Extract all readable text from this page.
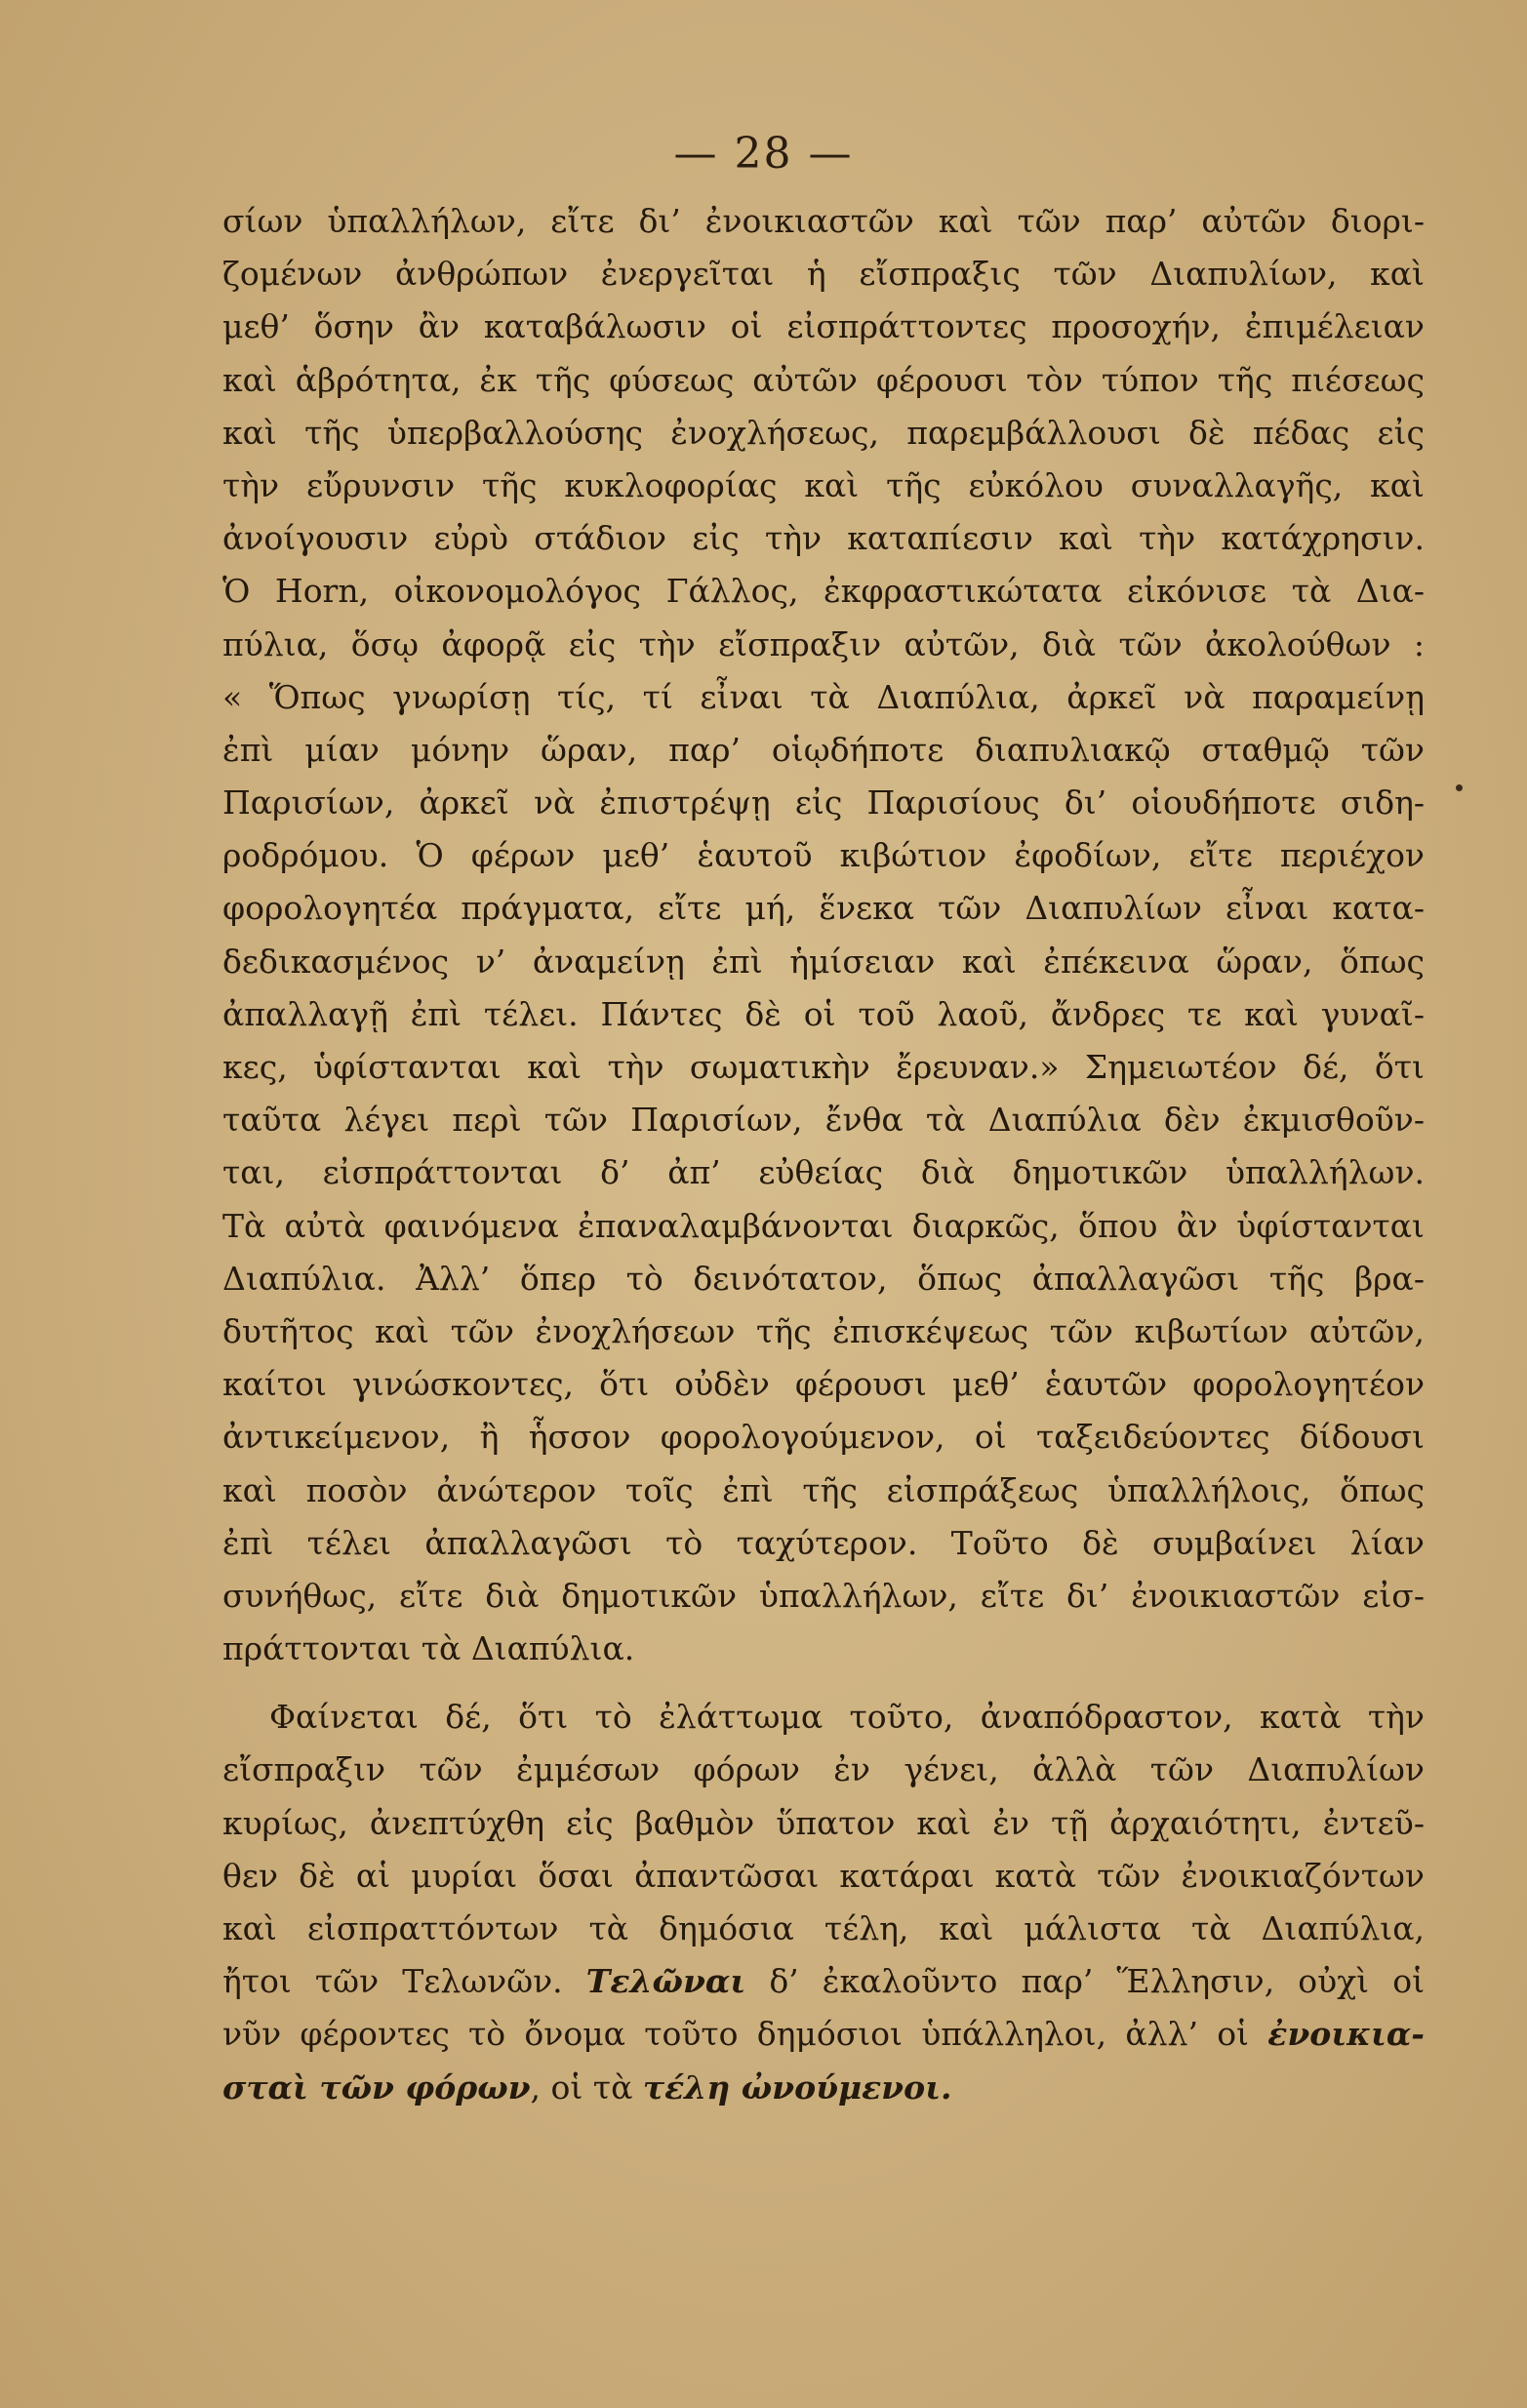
— 28 —
σίων ὑπαλλήλων, εἴτε δι’ ἐνοικιαστῶν καὶ τῶν παρ’ αὐτῶν διορι-
ζομένων ἀνθρώπων ἐνεργεῖται ἡ εἴσπραξις τῶν Διαπυλίων, καὶ
μεθ’ ὅσην ἂν καταβάλωσιν οἱ εἰσπράττοντες προσοχήν, ἐπιμέλειαν
καὶ ἁβρότητα, ἐκ τῆς φύσεως αὐτῶν φέρουσι τὸν τύπον τῆς πιέσεως
καὶ τῆς ὑπερβαλλούσης ἐνοχλήσεως, παρεμβάλλουσι δὲ πέδας εἰς
τὴν εὔρυνσιν τῆς κυκλοφορίας καὶ τῆς εὐκόλου συναλλαγῆς, καὶ
ἀνοίγουσιν εὐρὺ στάδιον εἰς τὴν καταπίεσιν καὶ τὴν κατάχρησιν.
Ὁ Horn, οἰκονομολόγος Γάλλος, ἐκφραστικώτατα εἰκόνισε τὰ Δια-
πύλια, ὅσῳ ἀφορᾷ εἰς τὴν εἴσπραξιν αὐτῶν, διὰ τῶν ἀκολούθων :
« Ὅπως γνωρίσῃ τίς, τί εἶναι τὰ Διαπύλια, ἀρκεῖ νὰ παραμείνῃ
ἐπὶ μίαν μόνην ὥραν, παρ’ οἱῳδήποτε διαπυλιακῷ σταθμῷ τῶν
Παρισίων, ἀρκεῖ νὰ ἐπιστρέψῃ εἰς Παρισίους δι’ οἱουδήποτε σιδη-
ροδρόμου. Ὁ φέρων μεθ’ ἑαυτοῦ κιβώτιον ἐφοδίων, εἴτε περιέχον
φορολογητέα πράγματα, εἴτε μή, ἕνεκα τῶν Διαπυλίων εἶναι κατα-
δεδικασμένος ν’ ἀναμείνῃ ἐπὶ ἡμίσειαν καὶ ἐπέκεινα ὥραν, ὅπως
ἀπαλλαγῇ ἐπὶ τέλει. Πάντες δὲ οἱ τοῦ λαοῦ, ἄνδρες τε καὶ γυναῖ-
κες, ὑφίστανται καὶ τὴν σωματικὴν ἔρευναν.» Σημειωτέον δέ, ὅτι
ταῦτα λέγει περὶ τῶν Παρισίων, ἔνθα τὰ Διαπύλια δὲν ἐκμισθοῦν-
ται, εἰσπράττονται δ’ ἀπ’ εὐθείας διὰ δημοτικῶν ὑπαλλήλων.
Τὰ αὐτὰ φαινόμενα ἐπαναλαμβάνονται διαρκῶς, ὅπου ἂν ὑφίστανται
Διαπύλια. Ἀλλ’ ὅπερ τὸ δεινότατον, ὅπως ἀπαλλαγῶσι τῆς βρα-
δυτῆτος καὶ τῶν ἐνοχλήσεων τῆς ἐπισκέψεως τῶν κιβωτίων αὐτῶν,
καίτοι γινώσκοντες, ὅτι οὐδὲν φέρουσι μεθ’ ἑαυτῶν φορολογητέον
ἀντικείμενον, ἢ ἧσσον φορολογούμενον, οἱ ταξειδεύοντες δίδουσι
καὶ ποσὸν ἀνώτερον τοῖς ἐπὶ τῆς εἰσπράξεως ὑπαλλήλοις, ὅπως
ἐπὶ τέλει ἀπαλλαγῶσι τὸ ταχύτερον. Τοῦτο δὲ συμβαίνει λίαν
συνήθως, εἴτε διὰ δημοτικῶν ὑπαλλήλων, εἴτε δι’ ἐνοικιαστῶν εἰσ-
πράττονται τὰ Διαπύλια.
Φαίνεται δέ, ὅτι τὸ ἐλάττωμα τοῦτο, ἀναπόδραστον, κατὰ τὴν
εἴσπραξιν τῶν ἐμμέσων φόρων ἐν γένει, ἀλλὰ τῶν Διαπυλίων
κυρίως, ἀνεπτύχθη εἰς βαθμὸν ὕπατον καὶ ἐν τῇ ἀρχαιότητι, ἐντεῦ-
θεν δὲ αἱ μυρίαι ὅσαι ἀπαντῶσαι κατάραι κατὰ τῶν ἐνοικιαζόντων
καὶ εἰσπραττόντων τὰ δημόσια τέλη, καὶ μάλιστα τὰ Διαπύλια,
ἤτοι τῶν Τελωνῶν. Τελῶναι δ’ ἐκαλοῦντο παρ’ Ἕλλησιν, οὐχὶ οἱ
νῦν φέροντες τὸ ὄνομα τοῦτο δημόσιοι ὑπάλληλοι, ἀλλ’ οἱ ἐνοικια-
σταὶ τῶν φόρων, οἱ τὰ τέλη ὠνούμενοι.
